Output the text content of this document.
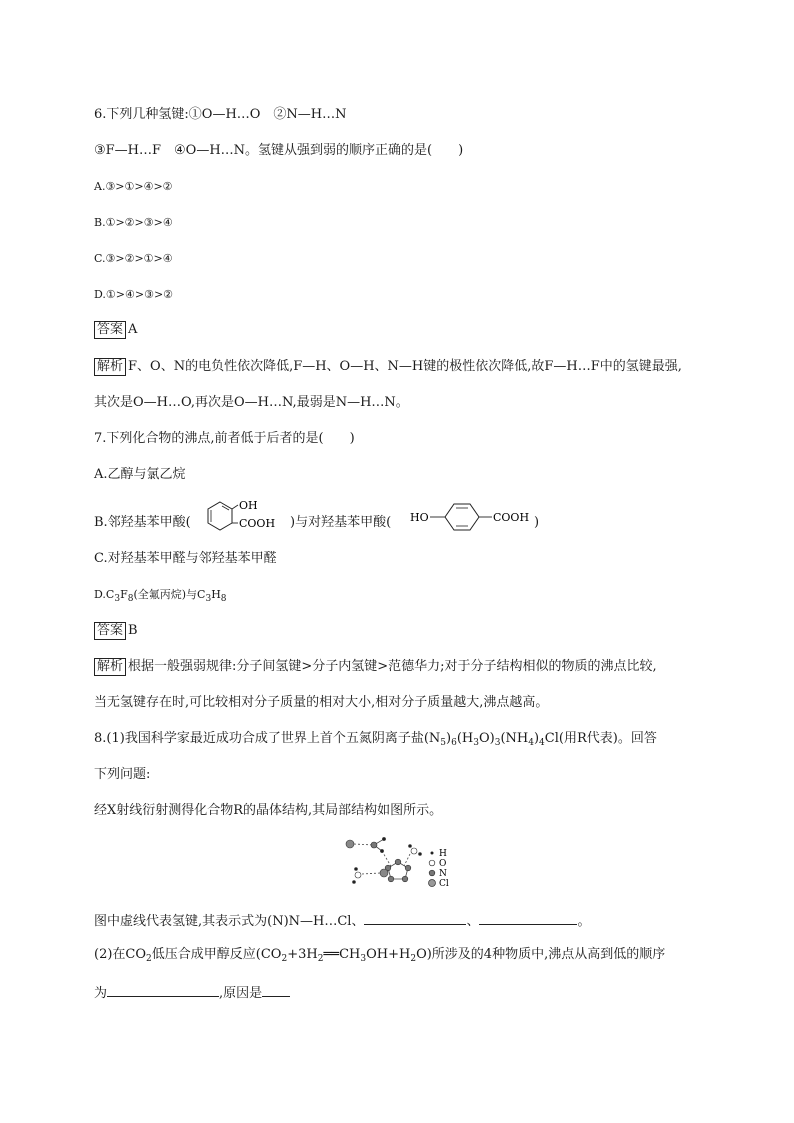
6.下列几种氢键:①O—H…O　②N—H…N
③F—H…F　④O—H…N。氢键从强到弱的顺序正确的是(　　)
A.③>①>④>②
B.①>②>③>④
C.③>②>①>④
D.①>④>③>②
答案 A
解析 F、O、N的电负性依次降低,F—H、O—H、N—H键的极性依次降低,故F—H…F中的氢键最强,
其次是O—H…O,再次是O—H…N,最弱是N—H…N。
7.下列化合物的沸点,前者低于后者的是(　　)
A.乙醇与氯乙烷
B.邻羟基苯甲酸(
OH
COOH )与对羟基苯甲酸( HO	COOH )
C.对羟基苯甲醛与邻羟基苯甲醛
$D.C_3F_8$(全氟丙烷)与$C_3H_8$
答案 B
解析 根据一般强弱规律:分子间氢键>分子内氢键>范德华力;对于分子结构相似的物质的沸点比较,
当无氢键存在时,可比较相对分子质量的相对大小,相对分子质量越大,沸点越高。
8.(1)我国科学家最近成功合成了世界上首个五氮阴离子盐$(N_5)_6(H_3O)_3(NH_4)_4Cl$(用R代表)。回答
下列问题:
经X射线衍射测得化合物R的晶体结构,其局部结构如图所示。
H
O
N
Cl
图中虚线代表氢键,其表示式为(N)N—H…Cl、	、	。
(2)在$CO_2$低压合成甲醇反应$(CO_2+3H_2══CH_3OH+H_2O)$所涉及的4种物质中,沸点从高到低的顺序
为	,原因是
